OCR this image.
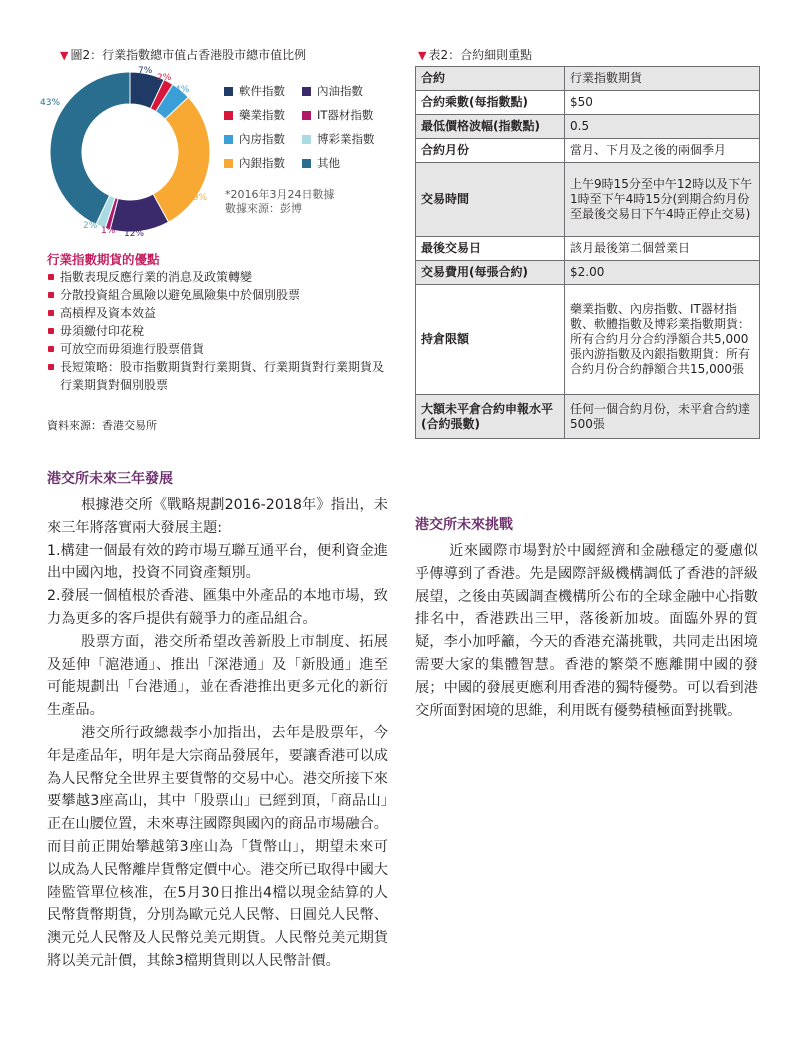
▼ 圖2：行業指數總市值占香港股市總市值比例
7%
2%
4%
29%
12%
1%
2%
43%
軟件指數	內油指數
藥業指數	IT器材指數
內房指數	博彩業指數
內銀指數	其他
*2016年3月24日數據
數據來源：彭博
行業指數期貨的優點
指數表現反應行業的消息及政策轉變
分散投資組合風險以避免風險集中於個別股票
高槓桿及資本效益
毋須繳付印花稅
可放空而毋須進行股票借貨
長短策略：股市指數期貨對行業期貨、行業期貨對行業期貨及行業期貨對個別股票
資料來源：香港交易所
▼ 表2：合約細則重點
合約	行業指數期貨
合約乘數(每指數點)	$50
最低價格波幅(指數點)	0.5
合約月份	當月、下月及之後的兩個季月
交易時間	上午9時15分至中午12時以及下午1時至下午4時15分(到期合約月份至最後交易日下午4時正停止交易)
最後交易日	該月最後第二個營業日
交易費用(每張合約)	$2.00
持倉限額	藥業指數、內房指數、IT器材指數、軟體指數及博彩業指數期貨：所有合約月分合約淨額合共5,000張內游指數及內銀指數期貨：所有合約月份合約靜額合共15,000張
大額未平倉合約申報水平(合約張數)	任何一個合約月份，未平倉合約達500張
港交所未來三年發展

根據港交所《戰略規劃2016-2018年》指出，未來三年將落實兩大發展主題:

1.構建一個最有效的跨市場互聯互通平台，便利資金進出中國內地，投資不同資產類別。

2.發展一個植根於香港、匯集中外產品的本地市場，致力為更多的客戶提供有競爭力的產品組合。

股票方面，港交所希望改善新股上市制度、拓展及延伸「滬港通」、推出「深港通」及「新股通」進至可能規劃出「台港通」，並在香港推出更多元化的新衍生產品。

港交所行政總裁李小加指出，去年是股票年，今年是產品年，明年是大宗商品發展年，要讓香港可以成為人民幣兌全世界主要貨幣的交易中心。港交所接下來要攀越3座高山，其中「股票山」已經到頂，「商品山」正在山腰位置，未來專注國際與國內的商品市場融合。而目前正開始攀越第3座山為「貨幣山」，期望未來可以成為人民幣離岸貨幣定價中心。港交所已取得中國大陸監管單位核准，在5月30日推出4檔以現金結算的人民幣貨幣期貨，分別為歐元兑人民幣、日圓兑人民幣、澳元兑人民幣及人民幣兑美元期貨。人民幣兑美元期貨將以美元計價，其餘3檔期貨則以人民幣計價。

港交所未來挑戰

近來國際市場對於中國經濟和金融穩定的憂慮似乎傳導到了香港。先是國際評級機構調低了香港的評級展望，之後由英國調查機構所公布的全球金融中心指數排名中，香港跌出三甲，落後新加坡。面臨外界的質疑，李小加呼籲，今天的香港充滿挑戰，共同走出困境需要大家的集體智慧。香港的繁榮不應離開中國的發展；中國的發展更應利用香港的獨特優勢。可以看到港交所面對困境的思維，利用既有優勢積極面對挑戰。
